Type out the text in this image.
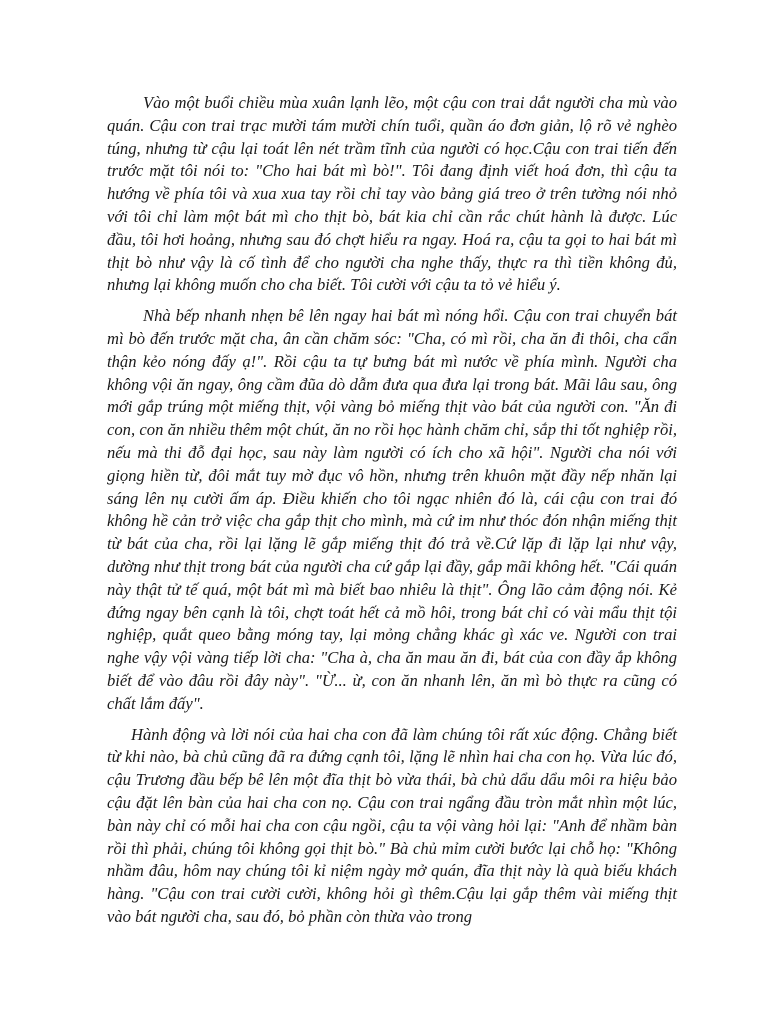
Vào một buổi chiều mùa xuân lạnh lẽo, một cậu con trai dắt người cha mù vào quán. Cậu con trai trạc mười tám mười chín tuổi, quần áo đơn giản, lộ rõ vẻ nghèo túng, nhưng từ cậu lại toát lên nét trầm tĩnh của người có học.Cậu con trai tiến đến trước mặt tôi nói to: "Cho hai bát mì bò!". Tôi đang định viết hoá đơn, thì cậu ta hướng về phía tôi và xua xua tay rồi chỉ tay vào bảng giá treo ở trên tường nói nhỏ với tôi chỉ làm một bát mì cho thịt bò, bát kia chỉ cần rắc chút hành là được. Lúc đầu, tôi hơi hoảng, nhưng sau đó chợt hiểu ra ngay. Hoá ra, cậu ta gọi to hai bát mì thịt bò như vậy là cố tình để cho người cha nghe thấy, thực ra thì tiền không đủ, nhưng lại không muốn cho cha biết. Tôi cười với cậu ta tỏ vẻ hiểu ý.

Nhà bếp nhanh nhẹn bê lên ngay hai bát mì nóng hổi. Cậu con trai chuyển bát mì bò đến trước mặt cha, ân cần chăm sóc: "Cha, có mì rồi, cha ăn đi thôi, cha cẩn thận kẻo nóng đấy ạ!". Rồi cậu ta tự bưng bát mì nước về phía mình. Người cha không vội ăn ngay, ông cầm đũa dò dẫm đưa qua đưa lại trong bát. Mãi lâu sau, ông mới gắp trúng một miếng thịt, vội vàng bỏ miếng thịt vào bát của người con. "Ăn đi con, con ăn nhiều thêm một chút, ăn no rồi học hành chăm chỉ, sắp thi tốt nghiệp rồi, nếu mà thi đỗ đại học, sau này làm người có ích cho xã hội". Người cha nói với giọng hiền từ, đôi mắt tuy mờ đục vô hồn, nhưng trên khuôn mặt đầy nếp nhăn lại sáng lên nụ cười ấm áp. Điều khiến cho tôi ngạc nhiên đó là, cái cậu con trai đó không hề cản trở việc cha gắp thịt cho mình, mà cứ im như thóc đón nhận miếng thịt từ bát của cha, rồi lại lặng lẽ gắp miếng thịt đó trả về.Cứ lặp đi lặp lại như vậy, dường như thịt trong bát của người cha cứ gắp lại đầy, gắp mãi không hết. "Cái quán này thật tử tế quá, một bát mì mà biết bao nhiêu là thịt". Ông lão cảm động nói. Kẻ đứng ngay bên cạnh là tôi, chợt toát hết cả mồ hôi, trong bát chỉ có vài mẩu thịt tội nghiệp, quắt queo bằng móng tay, lại mỏng chẳng khác gì xác ve. Người con trai nghe vậy vội vàng tiếp lời cha: "Cha à, cha ăn mau ăn đi, bát của con đầy ắp không biết để vào đâu rồi đây này". "Ừ... ừ, con ăn nhanh lên, ăn mì bò thực ra cũng có chất lắm đấy".

Hành động và lời nói của hai cha con đã làm chúng tôi rất xúc động. Chẳng biết từ khi nào, bà chủ cũng đã ra đứng cạnh tôi, lặng lẽ nhìn hai cha con họ. Vừa lúc đó, cậu Trương đầu bếp bê lên một đĩa thịt bò vừa thái, bà chủ dẩu dẩu môi ra hiệu bảo cậu đặt lên bàn của hai cha con nọ. Cậu con trai ngẩng đầu tròn mắt nhìn một lúc, bàn này chỉ có mỗi hai cha con cậu ngồi, cậu ta vội vàng hỏi lại: "Anh để nhầm bàn rồi thì phải, chúng tôi không gọi thịt bò." Bà chủ mỉm cười bước lại chỗ họ: "Không nhầm đâu, hôm nay chúng tôi kỉ niệm ngày mở quán, đĩa thịt này là quà biếu khách hàng. "Cậu con trai cười cười, không hỏi gì thêm.Cậu lại gắp thêm vài miếng thịt vào bát người cha, sau đó, bỏ phần còn thừa vào trong
